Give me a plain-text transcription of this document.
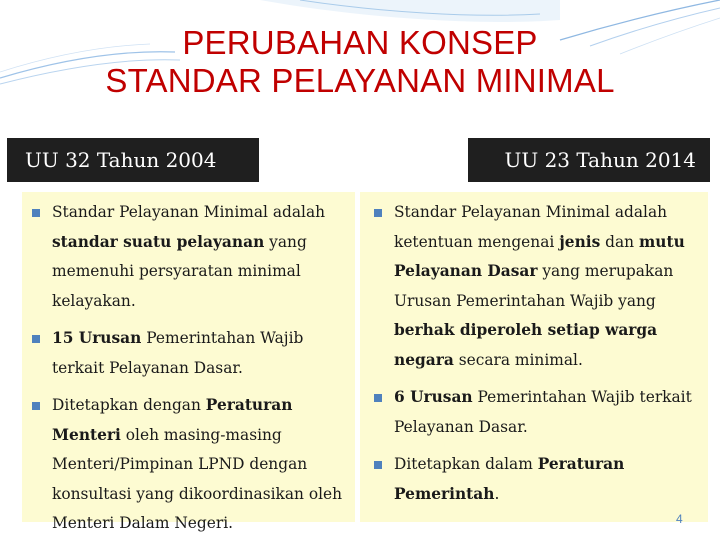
PERUBAHAN KONSEP
STANDAR PELAYANAN MINIMAL
UU 32 Tahun 2004	UU 23 Tahun 2014
Standar Pelayanan Minimal adalah standar suatu pelayanan yang memenuhi persyaratan minimal kelayakan.
15 Urusan Pemerintahan Wajib terkait Pelayanan Dasar.
Ditetapkan dengan Peraturan Menteri oleh masing-masing Menteri/Pimpinan LPND dengan konsultasi yang dikoordinasikan oleh Menteri Dalam Negeri.
Standar Pelayanan Minimal adalah ketentuan mengenai jenis dan mutu Pelayanan Dasar yang merupakan Urusan Pemerintahan Wajib yang berhak diperoleh setiap warga negara secara minimal.
6 Urusan Pemerintahan Wajib terkait Pelayanan Dasar.
Ditetapkan dalam Peraturan Pemerintah.
4
